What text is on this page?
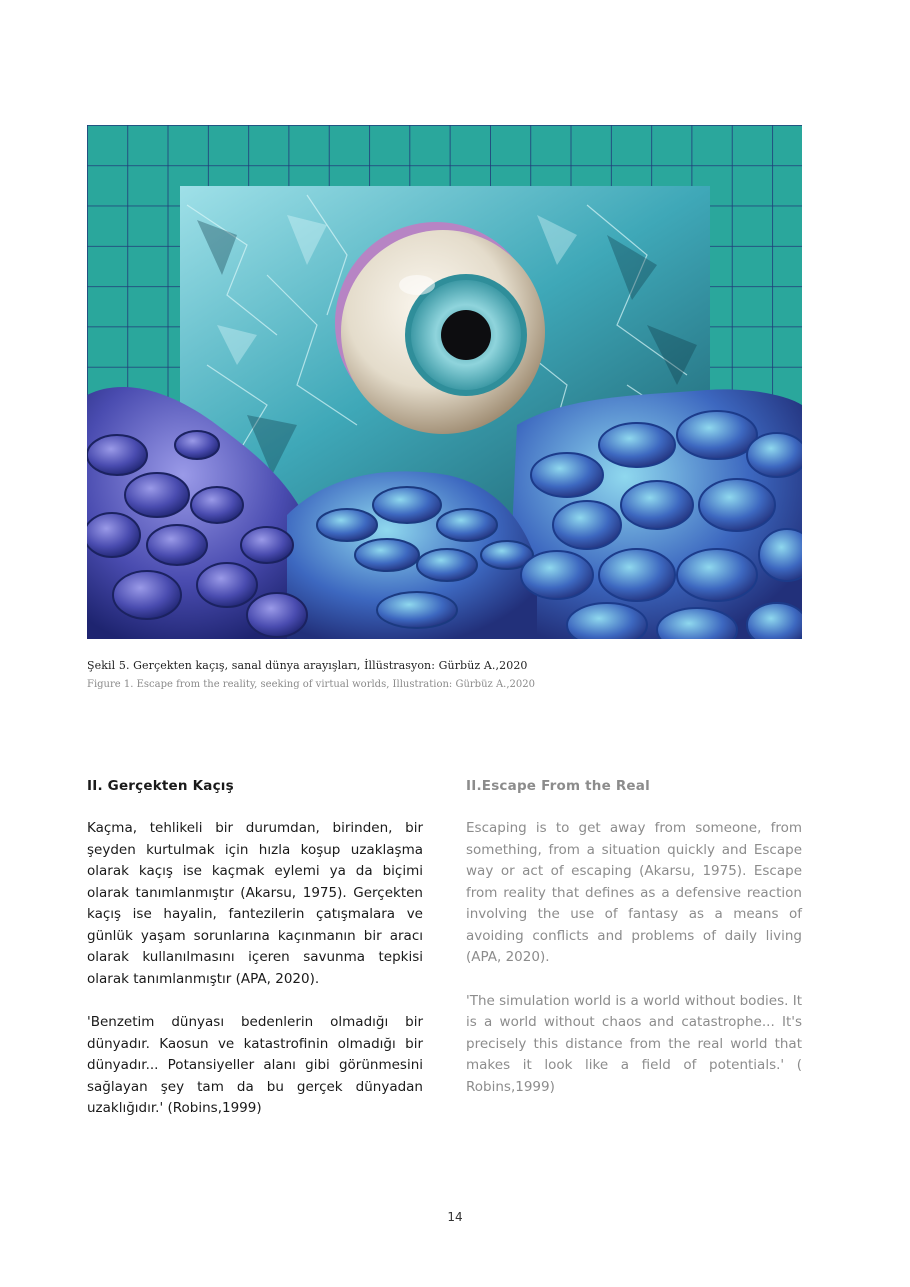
Şekil 5. Gerçekten kaçış, sanal dünya arayışları, İllüstrasyon: Gürbüz A.,2020
Figure 1. Escape from the reality, seeking of virtual worlds, Illustration: Gürbüz A.,2020
II. Gerçekten Kaçış

Kaçma, tehlikeli bir durumdan, birinden, bir şeyden kurtulmak için hızla koşup uzaklaşma olarak kaçış ise kaçmak eylemi ya da biçimi olarak tanımlanmıştır (Akarsu, 1975). Gerçekten kaçış ise hayalin, fantezilerin çatışmalara ve günlük yaşam sorunlarına kaçınmanın bir aracı olarak kullanılmasını içeren savunma tepkisi olarak tanımlanmıştır (APA, 2020).

'Benzetim dünyası bedenlerin olmadığı bir dünyadır. Kaosun ve katastrofinin olmadığı bir dünyadır... Potansiyeller alanı gibi görünmesini sağlayan şey tam da bu gerçek dünyadan uzaklığıdır.' (Robins,1999)

II.Escape From the Real

Escaping is to get away from someone, from something, from a situation quickly and Escape way or act of escaping (Akarsu, 1975). Escape from reality that defines as a defensive reaction involving the use of fantasy as a means of avoiding conflicts and problems of daily living (APA, 2020).

'The simulation world is a world without bodies. It is a world without chaos and catastrophe... It's precisely this distance from the real world that makes it look like a field of potentials.' ( Robins,1999)

14
